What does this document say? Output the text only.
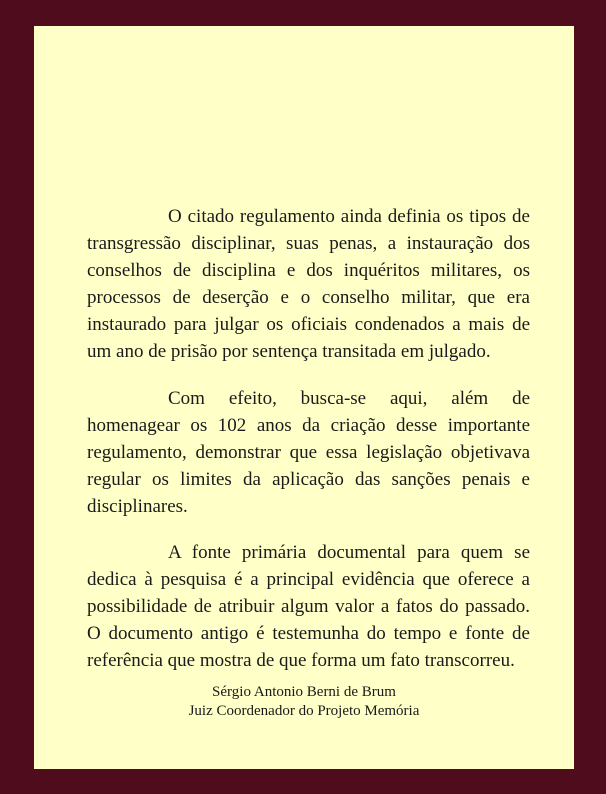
O citado regulamento ainda definia os tipos de transgressão disciplinar, suas penas, a instauração dos conselhos de disciplina e dos inquéritos militares, os processos de deserção e o conselho militar, que era instaurado para julgar os oficiais condenados a mais de um ano de prisão por sentença transitada em julgado.

Com efeito, busca-se aqui, além de homenagear os 102 anos da criação desse importante regulamento, demonstrar que essa legislação objetivava regular os limites da aplicação das sanções penais e disciplinares.

A fonte primária documental para quem se dedica à pesquisa é a principal evidência que oferece a possibilidade de atribuir algum valor a fatos do passado. O documento antigo é testemunha do tempo e fonte de referência que mostra de que forma um fato transcorreu.

Sérgio Antonio Berni de Brum
Juiz Coordenador do Projeto Memória
